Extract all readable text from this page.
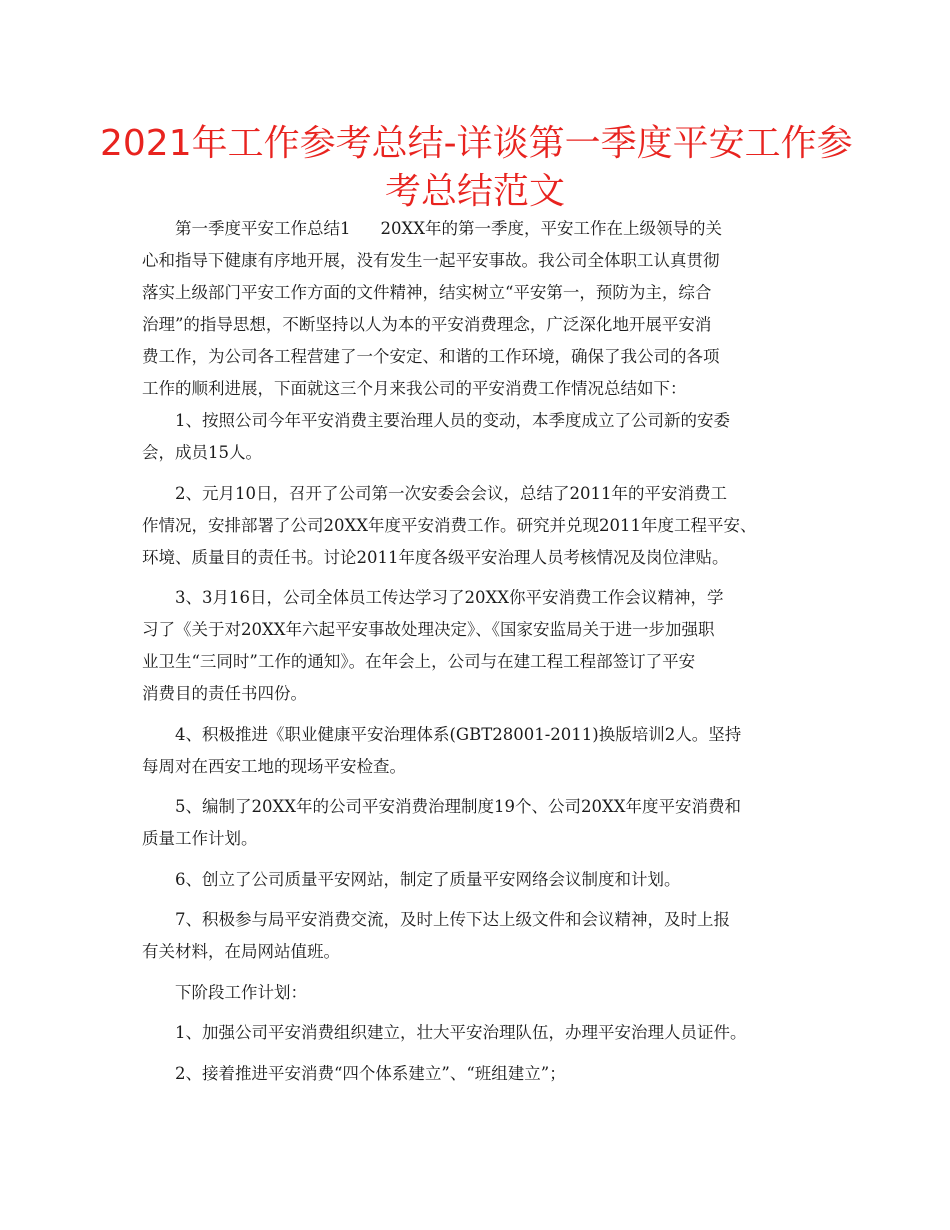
2021年工作参考总结-详谈第一季度平安工作参
考总结范文
第一季度平安工作总结1 20XX年的第一季度，平安工作在上级领导的关
心和指导下健康有序地开展，没有发生一起平安事故。我公司全体职工认真贯彻
落实上级部门平安工作方面的文件精神，结实树立“平安第一，预防为主，综合
治理”的指导思想，不断坚持以人为本的平安消费理念，广泛深化地开展平安消
费工作，为公司各工程营建了一个安定、和谐的工作环境，确保了我公司的各项
工作的顺利进展，下面就这三个月来我公司的平安消费工作情况总结如下：
1、按照公司今年平安消费主要治理人员的变动，本季度成立了公司新的安委
会，成员15人。
2、元月10日，召开了公司第一次安委会会议，总结了2011年的平安消费工
作情况，安排部署了公司20XX年度平安消费工作。研究并兑现2011年度工程平安、
环境、质量目的责任书。讨论2011年度各级平安治理人员考核情况及岗位津贴。
3、3月16日，公司全体员工传达学习了20XX你平安消费工作会议精神，学
习了《关于对20XX年六起平安事故处理决定》、《国家安监局关于进一步加强职
业卫生“三同时”工作的通知》。在年会上，公司与在建工程工程部签订了平安
消费目的责任书四份。
4、积极推进《职业健康平安治理体系(GBT28001-2011)换版培训2人。坚持
每周对在西安工地的现场平安检查。
5、编制了20XX年的公司平安消费治理制度19个、公司20XX年度平安消费和
质量工作计划。
6、创立了公司质量平安网站，制定了质量平安网络会议制度和计划。
7、积极参与局平安消费交流，及时上传下达上级文件和会议精神，及时上报
有关材料，在局网站值班。
下阶段工作计划：
1、加强公司平安消费组织建立，壮大平安治理队伍，办理平安治理人员证件。
2、接着推进平安消费“四个体系建立”、“班组建立”；
